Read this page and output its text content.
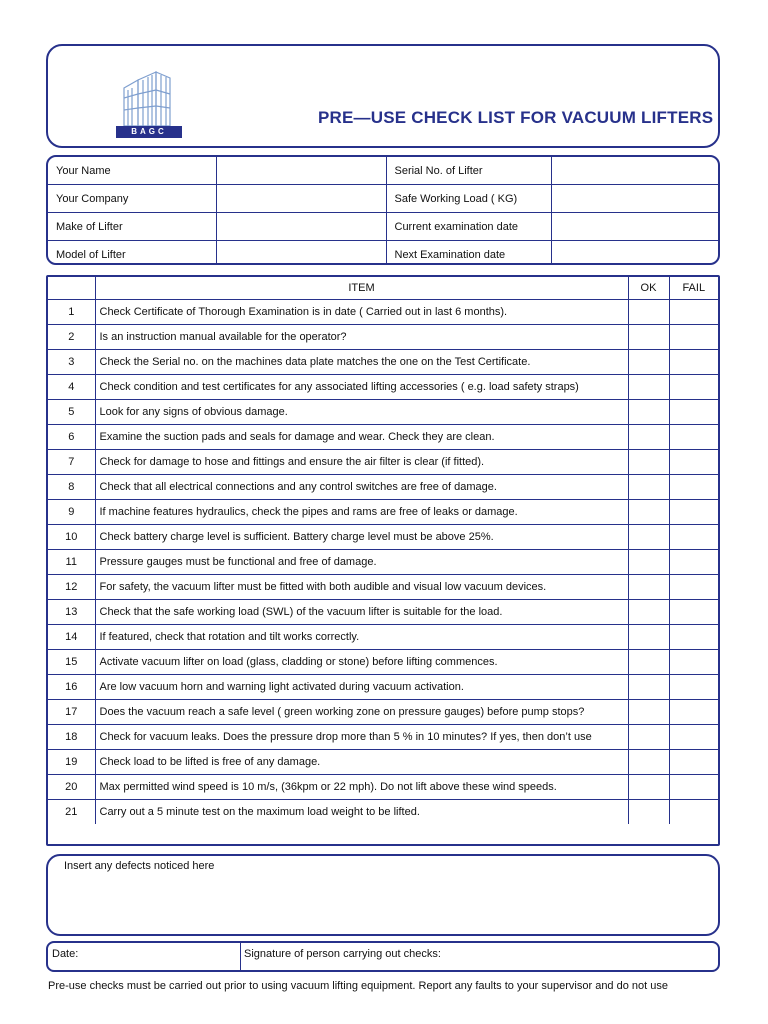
BAGC
PRE—USE CHECK LIST FOR VACUUM LIFTERS
Your Name		Serial No. of Lifter	
Your Company		Safe Working Load ( KG)	
Make of Lifter		Current examination date	
Model of Lifter		Next Examination date	
	ITEM	OK	FAIL
1	Check Certificate of Thorough Examination is in date ( Carried out in last 6 months).		
2	Is an instruction manual available for the operator?		
3	Check the Serial no. on the machines data plate matches the one on the Test Certificate.		
4	Check condition and test certificates for any associated lifting accessories ( e.g. load safety straps)		
5	Look for any signs of obvious damage.		
6	Examine the suction pads and seals for damage and wear. Check they are clean.		
7	Check for damage to hose and fittings and ensure the air filter is clear (if fitted).		
8	Check that all electrical connections and any control switches are free of damage.		
9	If machine features hydraulics, check the pipes and rams are free of leaks or damage.		
10	Check battery charge level is sufficient. Battery charge level must be above 25%.		
11	Pressure gauges must be functional and free of damage.		
12	For safety, the vacuum lifter must be fitted with both audible and visual low vacuum devices.		
13	Check that the safe working load (SWL) of the vacuum lifter is suitable for the load.		
14	If featured, check that rotation and tilt works correctly.		
15	Activate vacuum lifter on load (glass, cladding or stone) before lifting commences.		
16	Are low vacuum horn and warning light activated during vacuum activation.		
17	Does the vacuum reach a safe level ( green working zone on pressure gauges) before pump stops?		
18	Check for vacuum leaks. Does the pressure drop more than 5 % in 10 minutes? If yes, then don’t use		
19	Check load to be lifted is free of any damage.		
20	Max permitted wind speed is 10 m/s, (36kpm or 22 mph). Do not lift above these wind speeds.		
21	Carry out a 5 minute test on the maximum load weight to be lifted.		
Insert any defects noticed here
Date:	Signature of person carrying out checks:
Pre-use checks must be carried out prior to using vacuum lifting equipment. Report any faults to your supervisor and do not use
